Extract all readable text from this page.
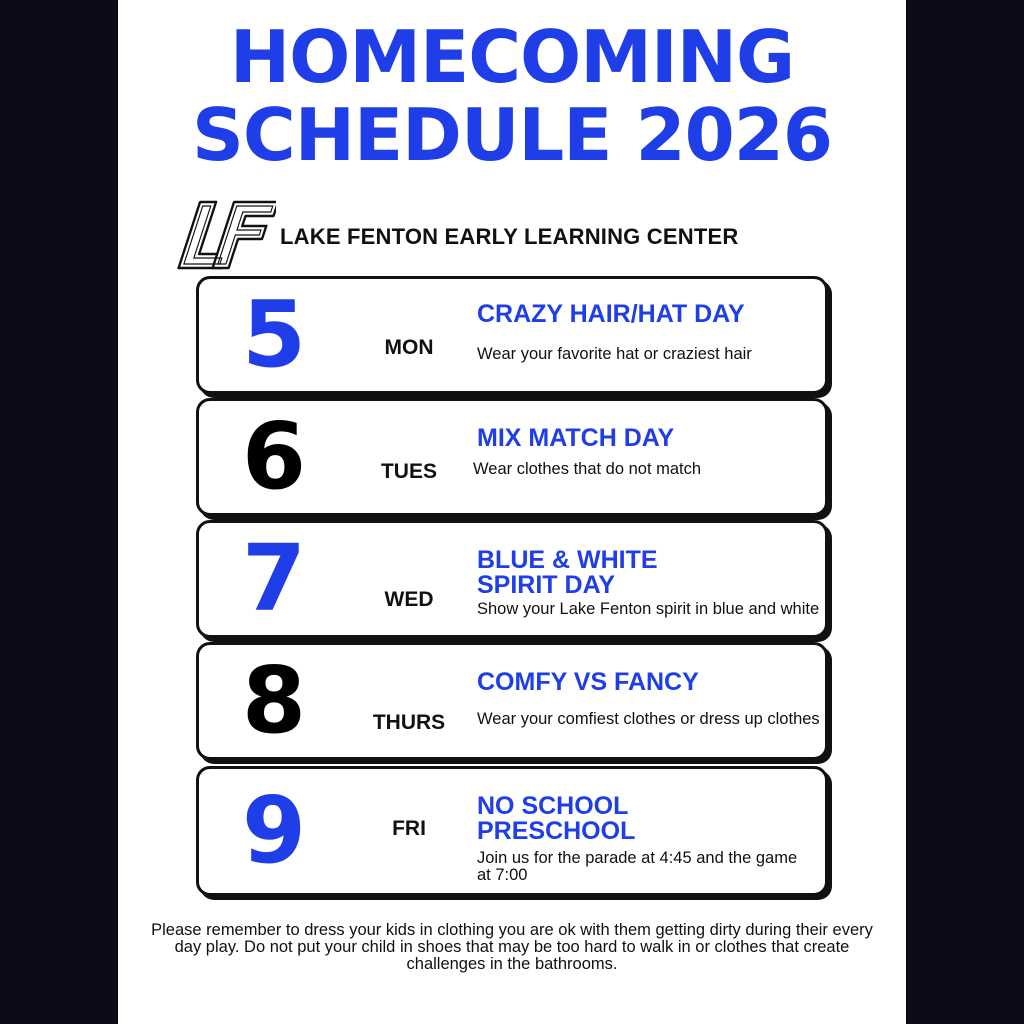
HOMECOMING
SCHEDULE 2026
LAKE FENTON EARLY LEARNING CENTER
5	MON
CRAZY HAIR/HAT DAY
Wear your favorite hat or craziest hair
6	TUES
MIX MATCH DAY
Wear clothes that do not match
7	WED
BLUE & WHITE SPIRIT DAY
Show your Lake Fenton spirit in blue and white
8	THURS
COMFY VS FANCY
Wear your comfiest clothes or dress up clothes
9	FRI
NO SCHOOL PRESCHOOL
Join us for the parade at 4:45 and the game at 7:00
Please remember to dress your kids in clothing you are ok with them getting dirty during their every day play. Do not put your child in shoes that may be too hard to walk in or clothes that create challenges in the bathrooms.
